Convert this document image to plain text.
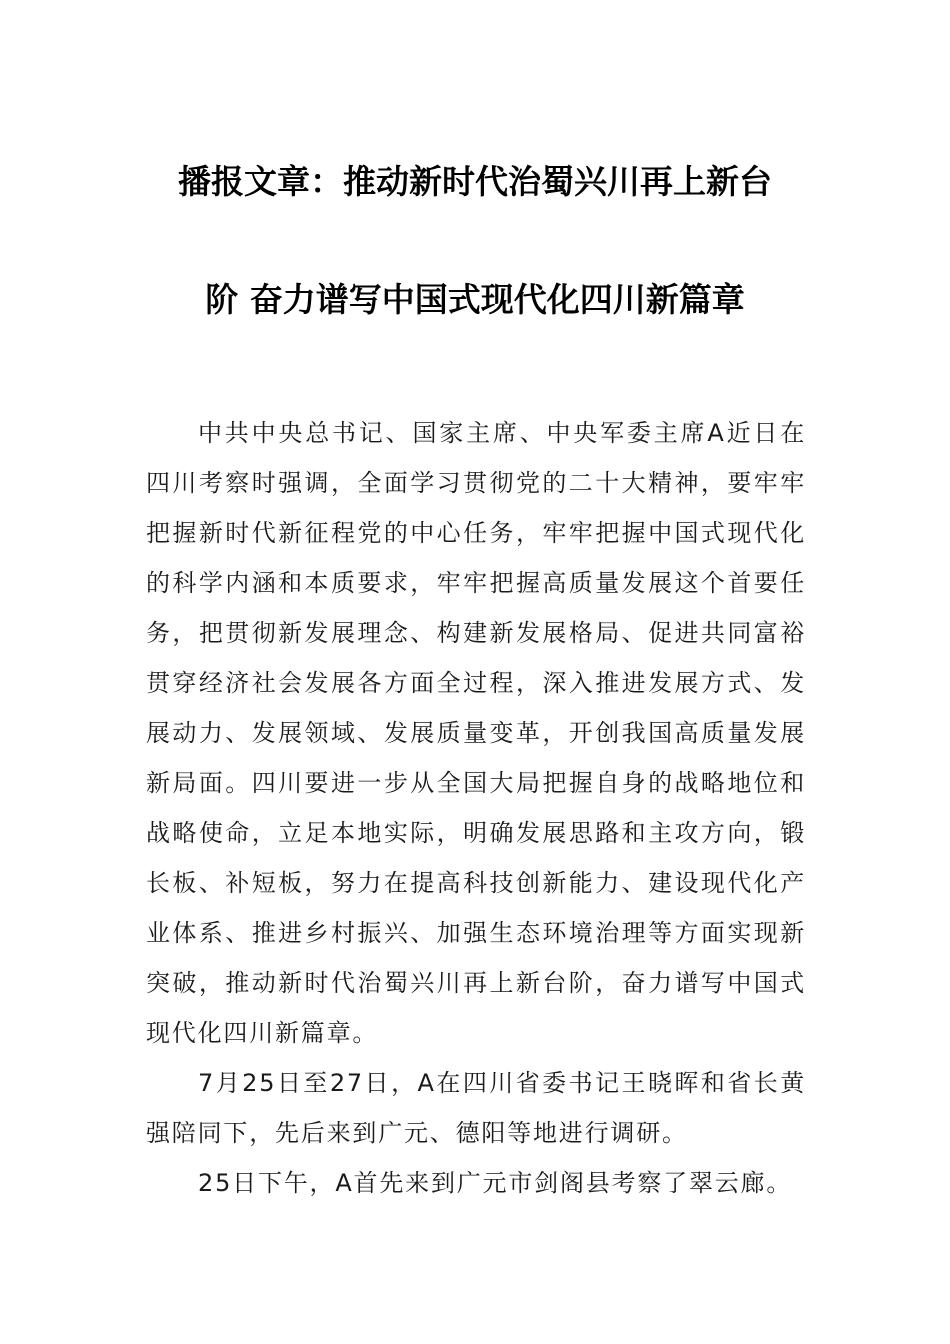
播报文章：推动新时代治蜀兴川再上新台
阶 奋力谱写中国式现代化四川新篇章

中共中央总书记、国家主席、中央军委主席A近日在四川考察时强调，全面学习贯彻党的二十大精神，要牢牢把握新时代新征程党的中心任务，牢牢把握中国式现代化的科学内涵和本质要求，牢牢把握高质量发展这个首要任务，把贯彻新发展理念、构建新发展格局、促进共同富裕贯穿经济社会发展各方面全过程，深入推进发展方式、发展动力、发展领域、发展质量变革，开创我国高质量发展新局面。四川要进一步从全国大局把握自身的战略地位和战略使命，立足本地实际，明确发展思路和主攻方向，锻长板、补短板，努力在提高科技创新能力、建设现代化产业体系、推进乡村振兴、加强生态环境治理等方面实现新突破，推动新时代治蜀兴川再上新台阶，奋力谱写中国式现代化四川新篇章。

7月25日至27日，A在四川省委书记王晓晖和省长黄强陪同下，先后来到广元、德阳等地进行调研。

25日下午，A首先来到广元市剑阁县考察了翠云廊。
